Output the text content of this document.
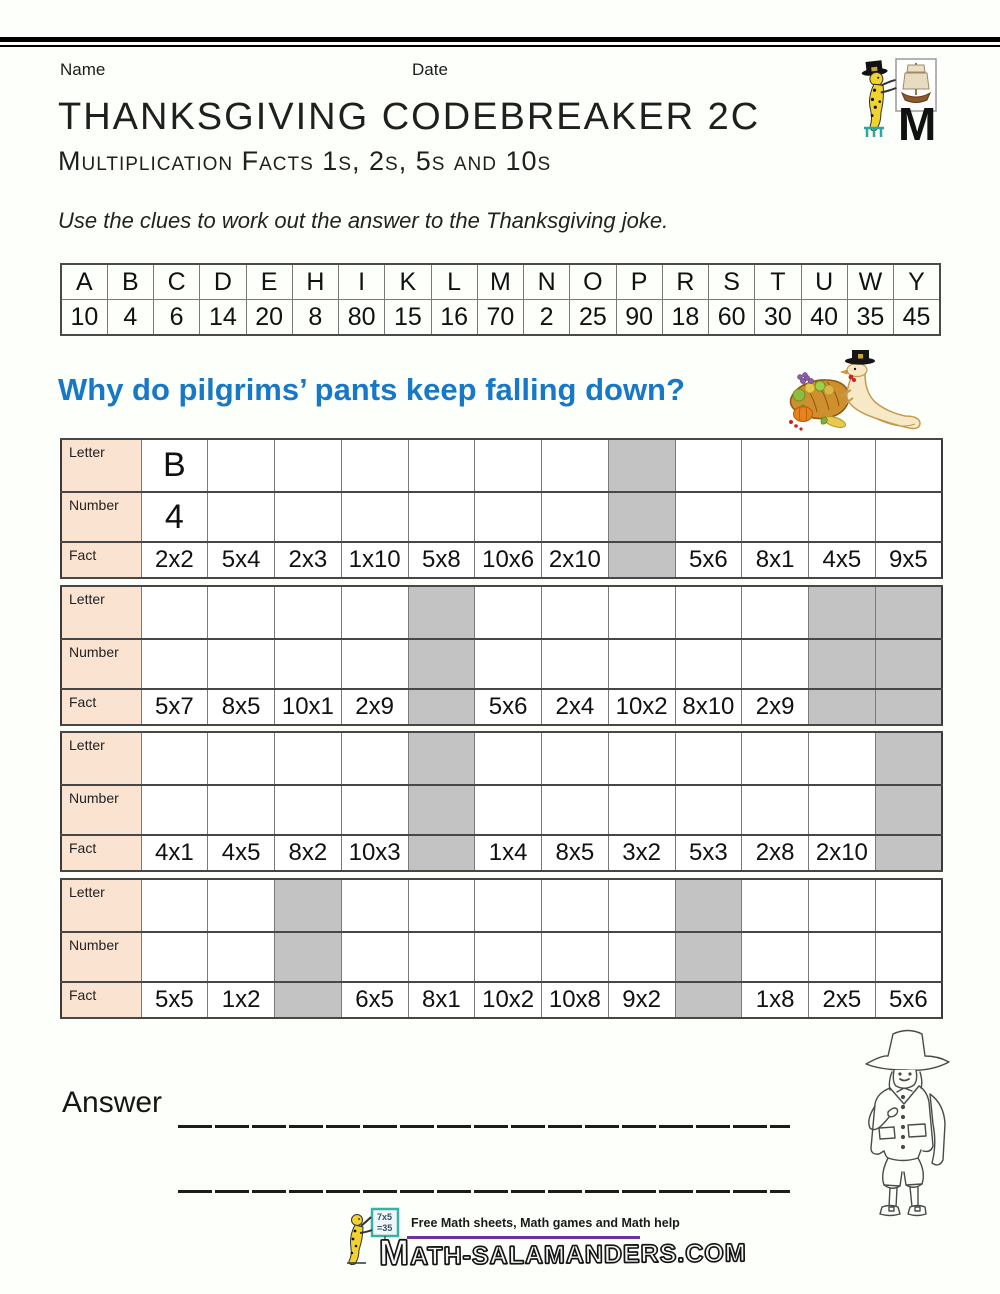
Name	Date
M
THANKSGIVING CODEBREAKER 2C
Multiplication Facts 1s, 2s, 5s and 10s

Use the clues to work out the answer to the Thanksgiving joke.

A	B	C	D	E	H	I	K	L	M	N	O	P	R	S	T	U	W	Y
10	4	6	14	20	8	80	15	16	70	2	25	90	18	60	30	40	35	45
Why do pilgrims’ pants keep falling down?
Letter	B											
Number	4											
Fact	2x2	5x4	2x3	1x10	5x8	10x6	2x10		5x6	8x1	4x5	9x5
Letter												
Number												
Fact	5x7	8x5	10x1	2x9		5x6	2x4	10x2	8x10	2x9		
Letter												
Number												
Fact	4x1	4x5	8x2	10x3		1x4	8x5	3x2	5x3	2x8	2x10	
Letter												
Number												
Fact	5x5	1x2		6x5	8x1	10x2	10x8	9x2		1x8	2x5	5x6
Answer
7x5
=35 Free Math sheets, Math games and Math help
MATH-SALAMANDERS.COM
